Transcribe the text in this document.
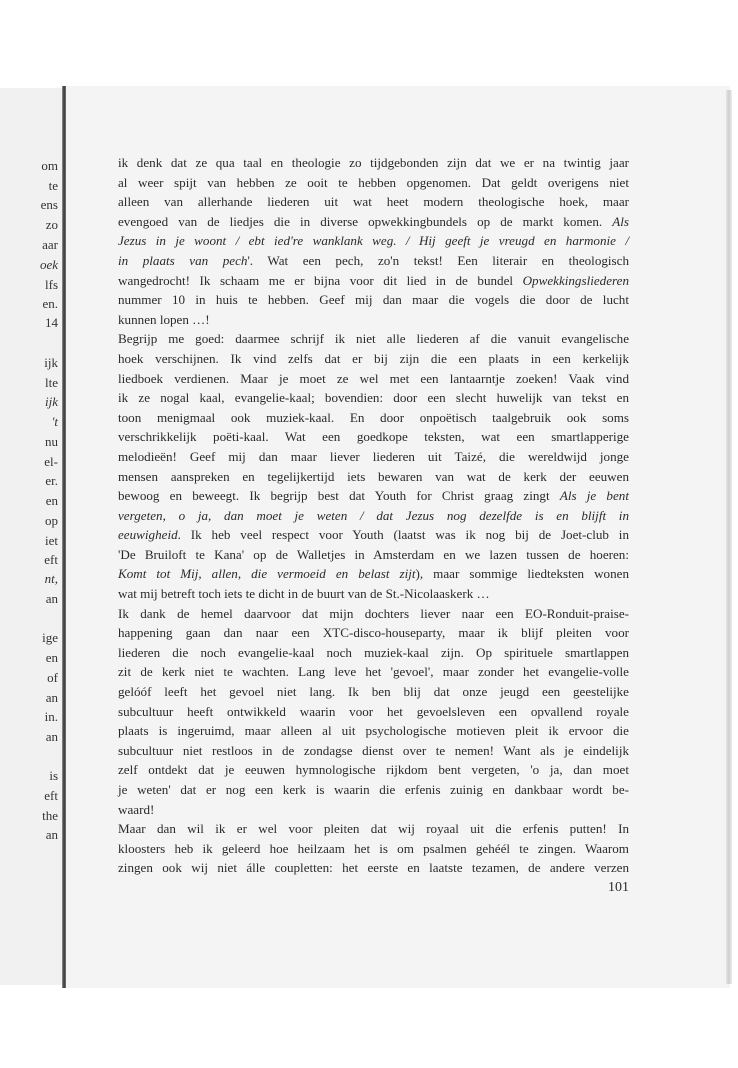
om
te
ens
zo
aar
oek
lfs
en.
14
ijk
lte
ijk
't
nu
el-
er.
en
op
iet
eft
nt,
an
ige
en
of
an
in.
an
is
eft
the
an
ik denk dat ze qua taal en theologie zo tijdgebonden zijn dat we er na twintig jaar
al weer spijt van hebben ze ooit te hebben opgenomen. Dat geldt overigens niet
alleen van allerhande liederen uit wat heet modern theologische hoek, maar
evengoed van de liedjes die in diverse opwekkingbundels op de markt komen. Als
Jezus in je woont / ebt ied're wanklank weg. / Hij geeft je vreugd en harmonie /
in plaats van pech'. Wat een pech, zo'n tekst! Een literair en theologisch
wangedrocht! Ik schaam me er bijna voor dit lied in de bundel Opwekkingsliederen
nummer 10 in huis te hebben. Geef mij dan maar die vogels die door de lucht
kunnen lopen …!
Begrijp me goed: daarmee schrijf ik niet alle liederen af die vanuit evangelische
hoek verschijnen. Ik vind zelfs dat er bij zijn die een plaats in een kerkelijk
liedboek verdienen. Maar je moet ze wel met een lantaarntje zoeken! Vaak vind
ik ze nogal kaal, evangelie-kaal; bovendien: door een slecht huwelijk van tekst en
toon menigmaal ook muziek-kaal. En door onpoëtisch taalgebruik ook soms
verschrikkelijk poëti-kaal. Wat een goedkope teksten, wat een smartlapperige
melodieën! Geef mij dan maar liever liederen uit Taizé, die wereldwijd jonge
mensen aanspreken en tegelijkertijd iets bewaren van wat de kerk der eeuwen
bewoog en beweegt. Ik begrijp best dat Youth for Christ graag zingt Als je bent
vergeten, o ja, dan moet je weten / dat Jezus nog dezelfde is en blijft in
eeuwigheid. Ik heb veel respect voor Youth (laatst was ik nog bij de Joet-club in
'De Bruiloft te Kana' op de Walletjes in Amsterdam en we lazen tussen de hoeren:
Komt tot Mij, allen, die vermoeid en belast zijt), maar sommige liedteksten wonen
wat mij betreft toch iets te dicht in de buurt van de St.-Nicolaaskerk …
Ik dank de hemel daarvoor dat mijn dochters liever naar een EO-Ronduit-praise-
happening gaan dan naar een XTC-disco-houseparty, maar ik blijf pleiten voor
liederen die noch evangelie-kaal noch muziek-kaal zijn. Op spirituele smartlappen
zit de kerk niet te wachten. Lang leve het 'gevoel', maar zonder het evangelie-volle
gelóóf leeft het gevoel niet lang. Ik ben blij dat onze jeugd een geestelijke
subcultuur heeft ontwikkeld waarin voor het gevoelsleven een opvallend royale
plaats is ingeruimd, maar alleen al uit psychologische motieven pleit ik ervoor die
subcultuur niet restloos in de zondagse dienst over te nemen! Want als je eindelijk
zelf ontdekt dat je eeuwen hymnologische rijkdom bent vergeten, 'o ja, dan moet
je weten' dat er nog een kerk is waarin die erfenis zuinig en dankbaar wordt be-
waard!
Maar dan wil ik er wel voor pleiten dat wij royaal uit die erfenis putten! In
kloosters heb ik geleerd hoe heilzaam het is om psalmen gehéél te zingen. Waarom
zingen ook wij niet álle coupletten: het eerste en laatste tezamen, de andere verzen
101
